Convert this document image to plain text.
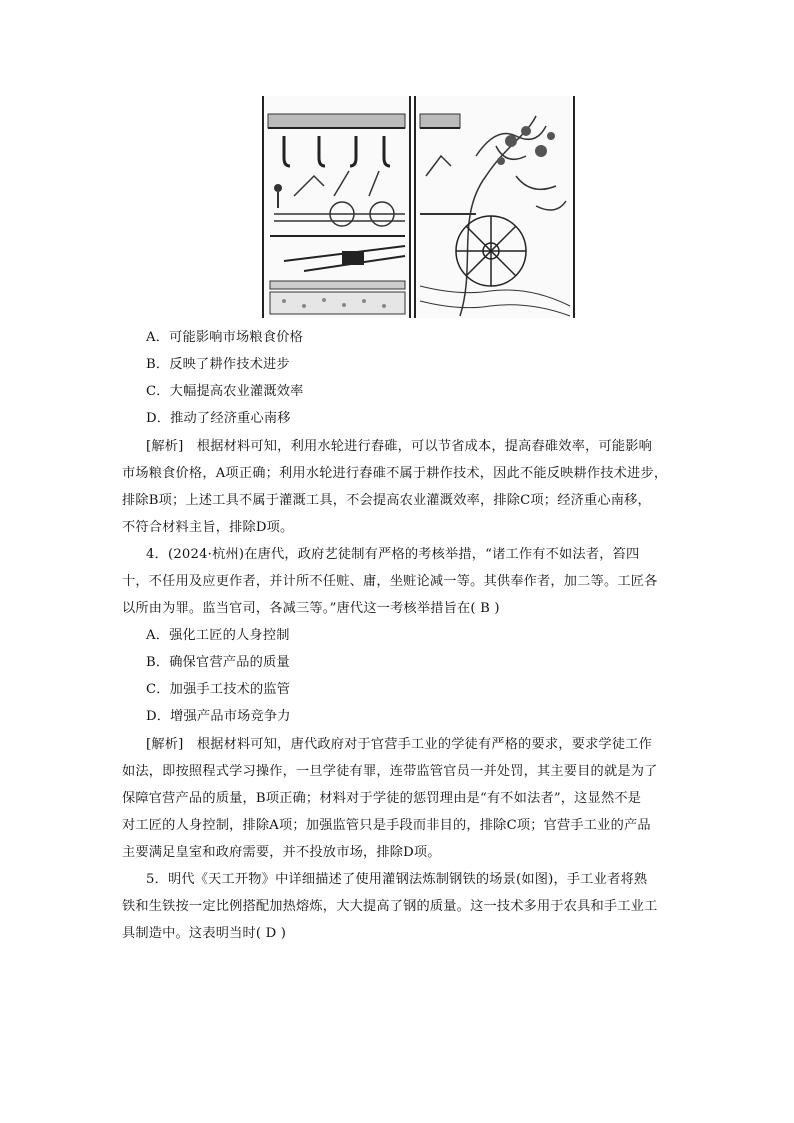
A．可能影响市场粮食价格
B．反映了耕作技术进步
C．大幅提高农业灌溉效率
D．推动了经济重心南移
[解析]　根据材料可知，利用水轮进行舂碓，可以节省成本，提高舂碓效率，可能影响
市场粮食价格，A项正确；利用水轮进行舂碓不属于耕作技术，因此不能反映耕作技术进步，
排除B项；上述工具不属于灌溉工具，不会提高农业灌溉效率，排除C项；经济重心南移，
不符合材料主旨，排除D项。
4．(2024·杭州)在唐代，政府艺徒制有严格的考核举措，“诸工作有不如法者，笞四
十，不任用及应更作者，并计所不任赃、庸，坐赃论减一等。其供奉作者，加二等。工匠各
以所由为罪。监当官司，各减三等。”唐代这一考核举措旨在( B )
A．强化工匠的人身控制
B．确保官营产品的质量
C．加强手工技术的监管
D．增强产品市场竞争力
[解析]　根据材料可知，唐代政府对于官营手工业的学徒有严格的要求，要求学徒工作
如法，即按照程式学习操作，一旦学徒有罪，连带监管官员一并处罚，其主要目的就是为了
保障官营产品的质量，B项正确；材料对于学徒的惩罚理由是“有不如法者”，这显然不是
对工匠的人身控制，排除A项；加强监管只是手段而非目的，排除C项；官营手工业的产品
主要满足皇室和政府需要，并不投放市场，排除D项。
5．明代《天工开物》中详细描述了使用灌钢法炼制钢铁的场景(如图)，手工业者将熟
铁和生铁按一定比例搭配加热熔炼，大大提高了钢的质量。这一技术多用于农具和手工业工
具制造中。这表明当时( D )
